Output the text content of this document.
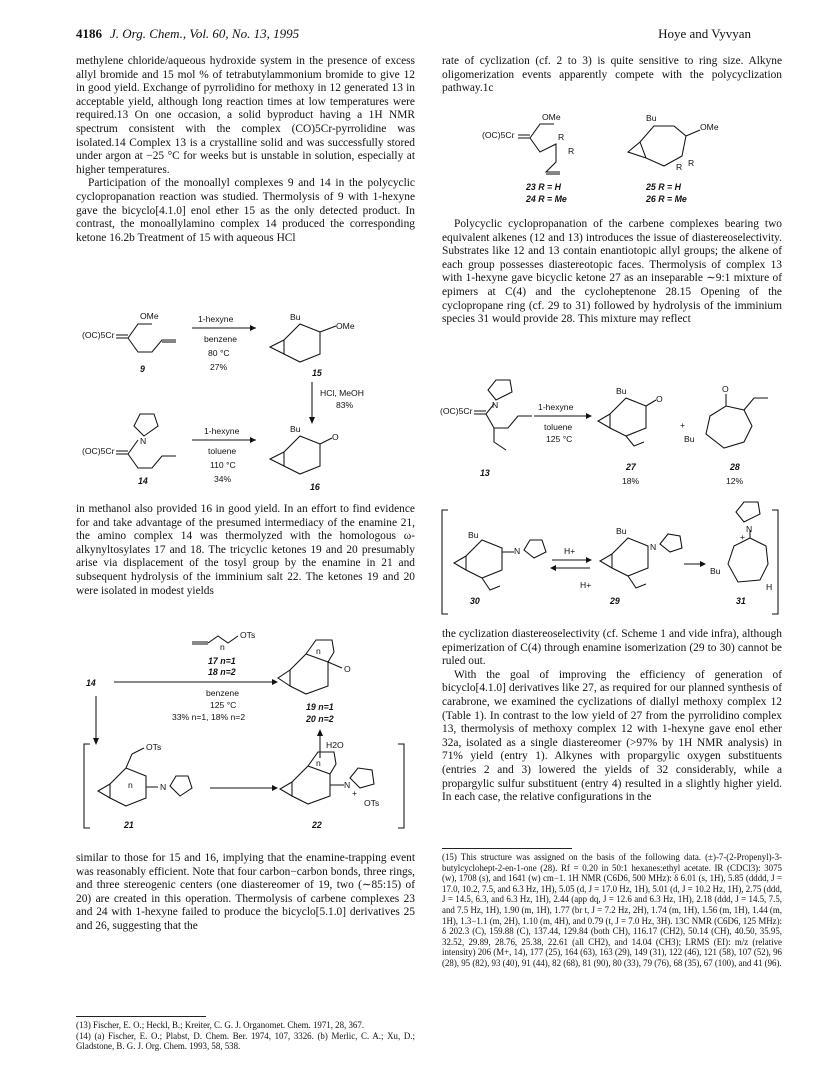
4186 J. Org. Chem., Vol. 60, No. 13, 1995	Hoye and Vyvyan

methylene chloride/aqueous hydroxide system in the presence of excess allyl bromide and 15 mol % of tetrabutylammonium bromide to give 12 in good yield. Exchange of pyrrolidino for methoxy in 12 generated 13 in acceptable yield, although long reaction times at low temperatures were required.13 On one occasion, a solid byproduct having a 1H NMR spectrum consistent with the complex (CO)5Cr-pyrrolidine was isolated.14 Complex 13 is a crystalline solid and was successfully stored under argon at −25 °C for weeks but is unstable in solution, especially at higher temperatures.

Participation of the monoallyl complexes 9 and 14 in the polycyclic cyclopropanation reaction was studied. Thermolysis of 9 with 1-hexyne gave the bicyclo[4.1.0] enol ether 15 as the only detected product. In contrast, the monoallylamino complex 14 produced the corresponding ketone 16.2b Treatment of 15 with aqueous HCl

in methanol also provided 16 in good yield. In an effort to find evidence for and take advantage of the presumed intermediacy of the enamine 21, the amino complex 14 was thermolyzed with the homologous ω-alkynyltosylates 17 and 18. The tricyclic ketones 19 and 20 presumably arise via displacement of the tosyl group by the enamine in 21 and subsequent hydrolysis of the imminium salt 22. The ketones 19 and 20 were isolated in modest yields

similar to those for 15 and 16, implying that the enamine-trapping event was reasonably efficient. Note that four carbon−carbon bonds, three rings, and three stereogenic centers (one diastereomer of 19, two (∼85:15) of 20) are created in this operation. Thermolysis of carbene complexes 23 and 24 with 1-hexyne failed to produce the bicyclo[5.1.0] derivatives 25 and 26, suggesting that the

(13) Fischer, E. O.; Heckl, B.; Kreiter, C. G. J. Organomet. Chem. 1971, 28, 367.
(14) (a) Fischer, E. O.; Plabst, D. Chem. Ber. 1974, 107, 3326. (b) Merlic, C. A.; Xu, D.; Gladstone, B. G. J. Org. Chem. 1993, 58, 538.

rate of cyclization (cf. 2 to 3) is quite sensitive to ring size. Alkyne oligomerization events apparently compete with the polycyclization pathway.1c

Polycyclic cyclopropanation of the carbene complexes bearing two equivalent alkenes (12 and 13) introduces the issue of diastereoselectivity. Substrates like 12 and 13 contain enantiotopic allyl groups; the alkene of each group possesses diastereotopic faces. Thermolysis of complex 13 with 1-hexyne gave bicyclic ketone 27 as an inseparable ∼9:1 mixture of epimers at C(4) and the cycloheptenone 28.15 Opening of the cyclopropane ring (cf. 29 to 31) followed by hydrolysis of the imminium species 31 would provide 28. This mixture may reflect

the cyclization diastereoselectivity (cf. Scheme 1 and vide infra), although epimerization of C(4) through enamine isomerization (29 to 30) cannot be ruled out.

With the goal of improving the efficiency of generation of bicyclo[4.1.0] derivatives like 27, as required for our planned synthesis of carabrone, we examined the cyclizations of diallyl methoxy complex 12 (Table 1). In contrast to the low yield of 27 from the pyrrolidino complex 13, thermolysis of methoxy complex 12 with 1-hexyne gave enol ether 32a, isolated as a single diastereomer (>97% by 1H NMR analysis) in 71% yield (entry 1). Alkynes with propargylic oxygen substituents (entries 2 and 3) lowered the yields of 32 considerably, while a propargylic sulfur substituent (entry 4) resulted in a slightly higher yield. In each case, the relative configurations in the

(15) This structure was assigned on the basis of the following data. (±)-7-(2-Propenyl)-3-butylcyclohept-2-en-1-one (28). Rf = 0.20 in 50:1 hexanes:ethyl acetate. IR (CDCl3): 3075 (w), 1708 (s), and 1641 (w) cm−1. 1H NMR (C6D6, 500 MHz): δ 6.01 (s, 1H), 5.85 (dddd, J = 17.0, 10.2, 7.5, and 6.3 Hz, 1H), 5.05 (d, J = 17.0 Hz, 1H), 5.01 (d, J = 10.2 Hz, 1H), 2.75 (ddd, J = 14.5, 6.3, and 6.3 Hz, 1H), 2.44 (app dq, J = 12.6 and 6.3 Hz, 1H), 2.18 (ddd, J = 14.5, 7.5, and 7.5 Hz, 1H), 1.90 (m, 1H), 1.77 (br t, J = 7.2 Hz, 2H), 1.74 (m, 1H), 1.56 (m, 1H), 1.44 (m, 1H), 1.3−1.1 (m, 2H), 1.10 (m, 4H), and 0.79 (t, J = 7.0 Hz, 3H). 13C NMR (C6D6, 125 MHz): δ 202.3 (C), 159.88 (C), 137.44, 129.84 (both CH), 116.17 (CH2), 50.14 (CH), 40.50, 35.95, 32.52, 29.89, 28.76, 25.38, 22.61 (all CH2), and 14.04 (CH3); LRMS (EI): m/z (relative intensity) 206 (M+, 14), 177 (25), 164 (63), 163 (29), 149 (31), 122 (46), 121 (58), 107 (52), 96 (28), 95 (82), 93 (40), 91 (44), 82 (68), 81 (90), 80 (33), 79 (76), 68 (35), 67 (100), and 41 (96).
(OC)5Cr
OMe
9
1-hexyne
benzene
80 °C
27%
Bu
OMe
15
HCl, MeOH
83%
(OC)5Cr
N
14
1-hexyne
toluene
110 °C
34%
Bu
O
16
14
OTs
n
17 n=1
18 n=2
benzene
125 °C
33% n=1, 18% n=2
O
n
19 n=1
20 n=2
H2O
OTs
n	N
21
n
N
+
OTs
22
(OC)5Cr
OMe
R
R
23 R = H
24 R = Me
Bu
OMe
R R
25 R = H
26 R = Me
(OC)5Cr
N
13
1-hexyne
toluene
125 °C
Bu
O
27
18%
+
O
Bu
28
12%
Bu
N
30
H+
H+
Bu
N
29
N
+
Bu
H
31
